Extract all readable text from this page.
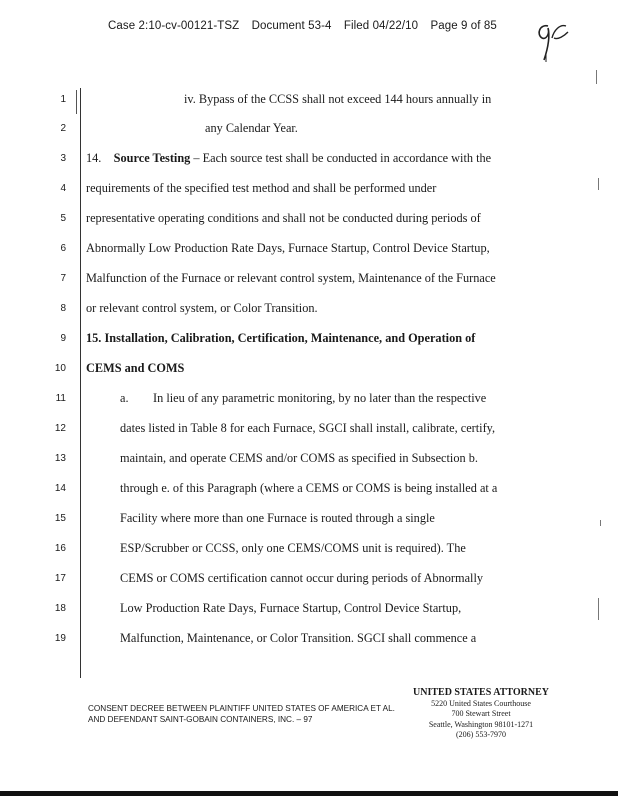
Case 2:10-cv-00121-TSZ Document 53-4 Filed 04/22/10 Page 9 of 85
1
2
3
4
5
6
7
8
9
10
11
12
13
14
15
16
17
18
19
iv. Bypass of the CCSS shall not exceed 144 hours annually in
any Calendar Year.
14. Source Testing – Each source test shall be conducted in accordance with the
requirements of the specified test method and shall be performed under
representative operating conditions and shall not be conducted during periods of
Abnormally Low Production Rate Days, Furnace Startup, Control Device Startup,
Malfunction of the Furnace or relevant control system, Maintenance of the Furnace
or relevant control system, or Color Transition.
15. Installation, Calibration, Certification, Maintenance, and Operation of
CEMS and COMS
a. In lieu of any parametric monitoring, by no later than the respective
dates listed in Table 8 for each Furnace, SGCI shall install, calibrate, certify,
maintain, and operate CEMS and/or COMS as specified in Subsection b.
through e. of this Paragraph (where a CEMS or COMS is being installed at a
Facility where more than one Furnace is routed through a single
ESP/Scrubber or CCSS, only one CEMS/COMS unit is required). The
CEMS or COMS certification cannot occur during periods of Abnormally
Low Production Rate Days, Furnace Startup, Control Device Startup,
Malfunction, Maintenance, or Color Transition. SGCI shall commence a
CONSENT DECREE BETWEEN PLAINTIFF UNITED STATES OF AMERICA ET AL.
AND DEFENDANT SAINT-GOBAIN CONTAINERS, INC. – 97
UNITED STATES ATTORNEY
5220 United States Courthouse
700 Stewart Street
Seattle, Washington 98101-1271
(206) 553-7970
